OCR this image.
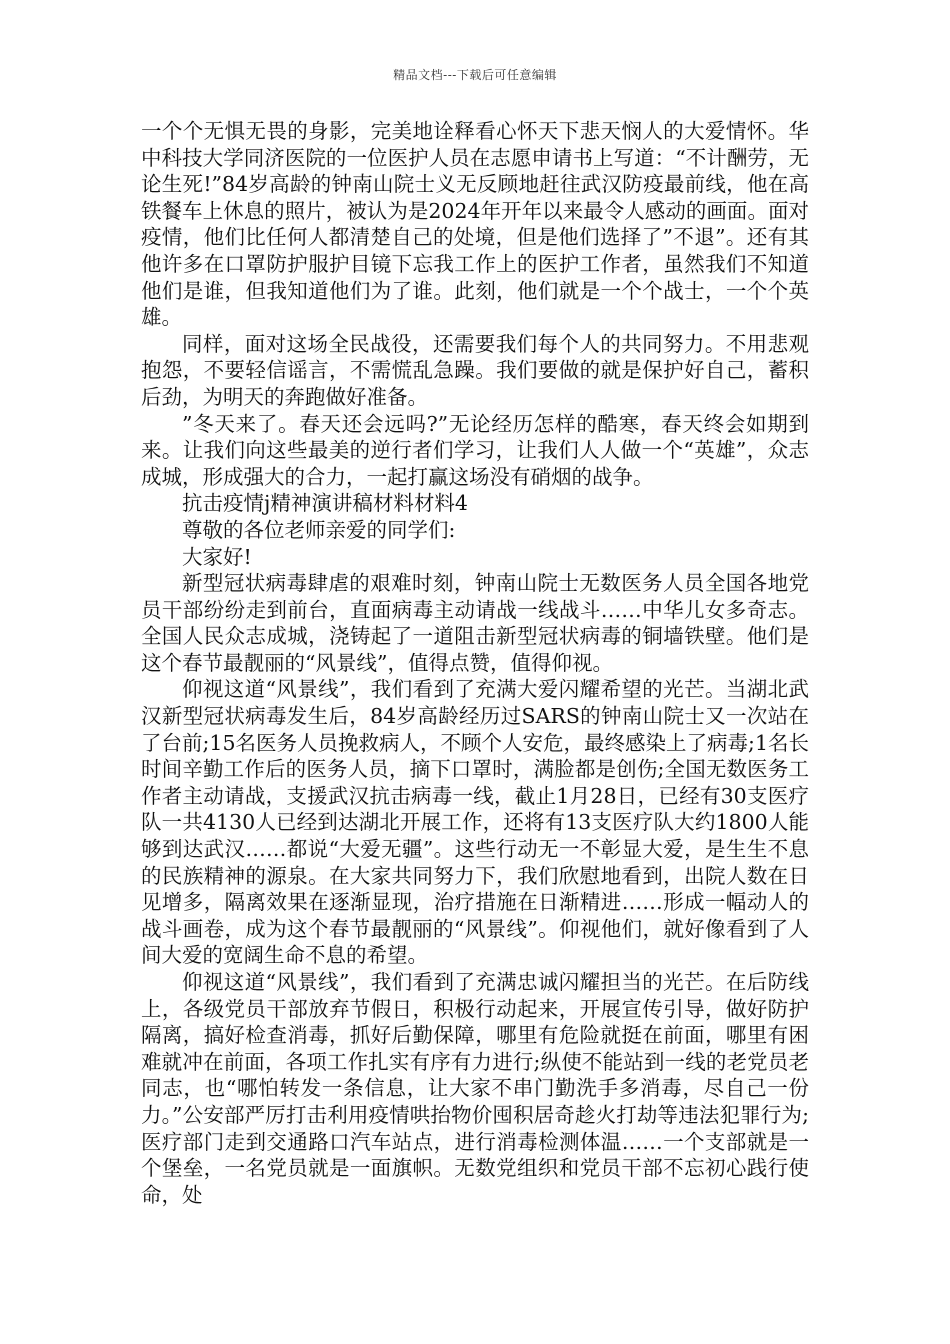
精品文档---下载后可任意编辑

一个个无惧无畏的身影，完美地诠释看心怀天下悲天悯人的大爱情怀。华中科技大学同济医院的一位医护人员在志愿申请书上写道：“不计酬劳，无论生死!”84岁高龄的钟南山院士义无反顾地赶往武汉防疫最前线，他在高铁餐车上休息的照片，被认为是2024年开年以来最令人感动的画面。面对疫情，他们比任何人都清楚自己的处境，但是他们选择了”不退”。还有其他许多在口罩防护服护目镜下忘我工作上的医护工作者，虽然我们不知道他们是谁，但我知道他们为了谁。此刻，他们就是一个个战士，一个个英雄。

同样，面对这场全民战役，还需要我们每个人的共同努力。不用悲观抱怨，不要轻信谣言，不需慌乱急躁。我们要做的就是保护好自己，蓄积后劲，为明天的奔跑做好准备。

”冬天来了。春天还会远吗?”无论经历怎样的酷寒，春天终会如期到来。让我们向这些最美的逆行者们学习，让我们人人做一个“英雄”，众志成城，形成强大的合力，一起打赢这场没有硝烟的战争。

抗击疫情j精神演讲稿材料材料4

尊敬的各位老师亲爱的同学们:

大家好!

新型冠状病毒肆虐的艰难时刻，钟南山院士无数医务人员全国各地党员干部纷纷走到前台，直面病毒主动请战一线战斗……中华儿女多奇志。全国人民众志成城，浇铸起了一道阻击新型冠状病毒的铜墙铁壁。他们是这个春节最靓丽的“风景线”，值得点赞，值得仰视。

仰视这道“风景线”，我们看到了充满大爱闪耀希望的光芒。当湖北武汉新型冠状病毒发生后，84岁高龄经历过SARS的钟南山院士又一次站在了台前;15名医务人员挽救病人，不顾个人安危，最终感染上了病毒;1名长时间辛勤工作后的医务人员，摘下口罩时，满脸都是创伤;全国无数医务工作者主动请战，支援武汉抗击病毒一线，截止1月28日，已经有30支医疗队一共4130人已经到达湖北开展工作，还将有13支医疗队大约1800人能够到达武汉……都说“大爱无疆”。这些行动无一不彰显大爱，是生生不息的民族精神的源泉。在大家共同努力下，我们欣慰地看到，出院人数在日见增多，隔离效果在逐渐显现，治疗措施在日渐精进……形成一幅动人的战斗画卷，成为这个春节最靓丽的“风景线”。仰视他们，就好像看到了人间大爱的宽阔生命不息的希望。

仰视这道“风景线”，我们看到了充满忠诚闪耀担当的光芒。在后防线上，各级党员干部放弃节假日，积极行动起来，开展宣传引导，做好防护隔离，搞好检查消毒，抓好后勤保障，哪里有危险就挺在前面，哪里有困难就冲在前面，各项工作扎实有序有力进行;纵使不能站到一线的老党员老同志，也“哪怕转发一条信息，让大家不串门勤洗手多消毒，尽自己一份力。”公安部严厉打击利用疫情哄抬物价囤积居奇趁火打劫等违法犯罪行为;医疗部门走到交通路口汽车站点，进行消毒检测体温……一个支部就是一个堡垒，一名党员就是一面旗帜。无数党组织和党员干部不忘初心践行使命，处
